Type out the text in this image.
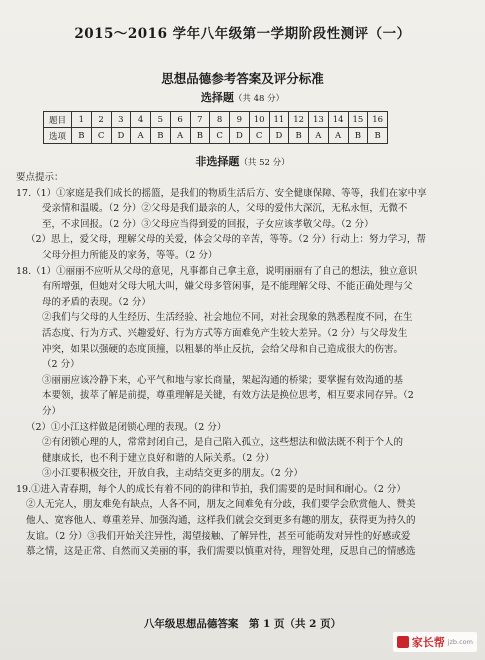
2015～2016 学年八年级第一学期阶段性测评（一）
思想品德参考答案及评分标准
选择题（共 48 分）
题目	1	2	3	4	5	6	7	8	9	10	11	12	13	14	15	16
选项	B	C	D	A	B	A	B	C	D	C	D	B	A	A	B	B
非选择题（共 52 分）
要点提示：
17.（1）①家庭是我们成长的摇篮，是我们的物质生活后方、安全健康保障、等等，我们在家中享
受亲情和温暖。（2 分）②父母是我们最亲的人，父母的爱伟大深沉，无私永恒，无微不
至，不求回报。（2 分）③父母应当得到爱的回报，子女应该孝敬父母。（2 分）
（2）思上，爱父母，理解父母的关爱，体会父母的辛苦，等等。（2 分）行动上：努力学习，帮
父母分担力所能及的家务，等等。（2 分）
18.（1）①丽丽不应听从父母的意见，凡事都自己拿主意，说明丽丽有了自己的想法，独立意识
有所增强，但她对父母大吼大叫，嫌父母多管闲事，是不能理解父母、不能正确处理与父
母的矛盾的表现。（2 分）
②我们与父母的人生经历、生活经验、社会地位不同，对社会现象的熟悉程度不同，在生
活态度、行为方式、兴趣爱好、行为方式等方面难免产生较大差异。（2 分）与父母发生
冲突，如果以强硬的态度顶撞，以粗暴的举止反抗，会给父母和自己造成很大的伤害。
（2 分）
③丽丽应该冷静下来，心平气和地与家长商量，架起沟通的桥梁；要掌握有效沟通的基
本要领，拔萃了解是前提，尊重理解是关键，有效方法是换位思考，相互要求同存异。（2
分）
（2）①小江这样做是闭锁心理的表现。（2 分）
②有闭锁心理的人，常常封闭自己，是自己陷入孤立，这些想法和做法既不利于个人的
健康成长，也不利于建立良好和谐的人际关系。（2 分）
③小江要积极交往，开放自我，主动结交更多的朋友。（2 分）
19.①进入青春期，每个人的成长有着不同的韵律和节拍，我们需要的是时间和耐心。（2 分）
②人无完人，朋友难免有缺点，人各不同，朋友之间难免有分歧，我们要学会欣赏他人、赞美
他人、宽容他人、尊重差异、加强沟通，这样我们就会交到更多有趣的朋友，获得更为持久的
友谊。（2 分）③我们开始关注异性，渴望接触、了解异性，甚至可能萌发对异性的好感或爱
慕之情，这是正常、自然而又美丽的事，我们需要以慎重对待，理智处理，反思自己的情感选
八年级思想品德答案　第 1 页（共 2 页）
家长帮 jzb.com
